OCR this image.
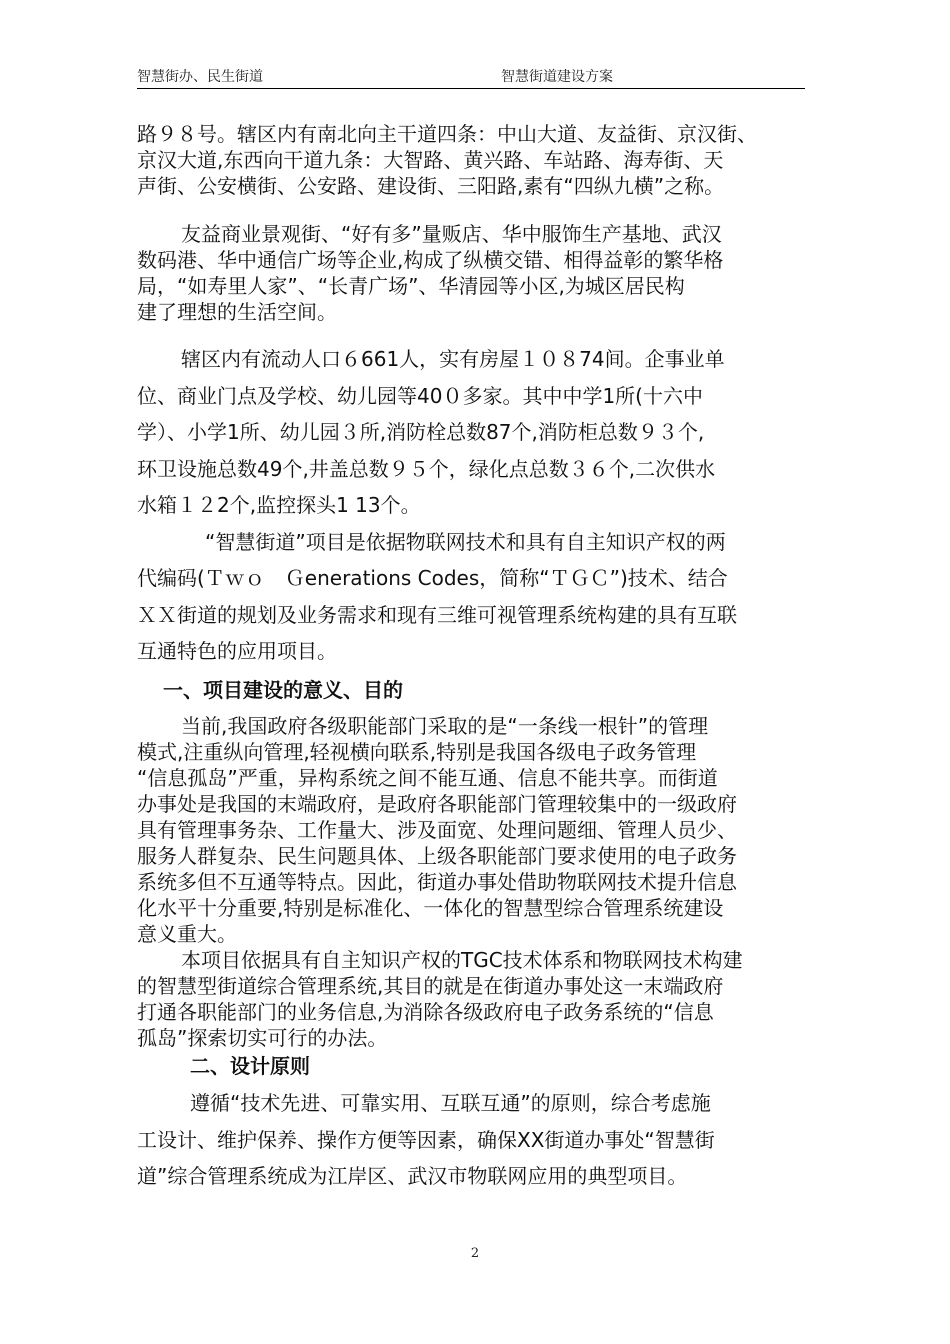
智慧街办、民生街道	智慧街道建设方案
路９８号。辖区内有南北向主干道四条：中山大道、友益街、京汉街、
京汉大道,东西向干道九条：大智路、黄兴路、车站路、海寿街、天
声街、公安横街、公安路、建设街、三阳路,素有“四纵九横”之称。
友益商业景观街、“好有多”量贩店、华中服饰生产基地、武汉
数码港、华中通信广场等企业,构成了纵横交错、相得益彰的繁华格
局，“如寿里人家”、“长青广场”、华清园等小区,为城区居民构
建了理想的生活空间。
辖区内有流动人口６661人，实有房屋１０８74间。企事业单
位、商业门点及学校、幼儿园等40０多家。其中中学1所(十六中
学）、小学1所、幼儿园３所,消防栓总数87个,消防柜总数９３个,
环卫设施总数49个,井盖总数９５个，绿化点总数３６个,二次供水
水箱１２2个,监控探头1 13个。
“智慧街道”项目是依据物联网技术和具有自主知识产权的两
代编码(Ｔｗｏ　Ｇenerations Codes，简称“ＴＧＣ”)技术、结合
ＸＸ街道的规划及业务需求和现有三维可视管理系统构建的具有互联
互通特色的应用项目。
一、项目建设的意义、目的
当前,我国政府各级职能部门采取的是“一条线一根针”的管理
模式,注重纵向管理,轻视横向联系,特别是我国各级电子政务管理
“信息孤岛”严重，异构系统之间不能互通、信息不能共享。而街道
办事处是我国的末端政府，是政府各职能部门管理较集中的一级政府
具有管理事务杂、工作量大、涉及面宽、处理问题细、管理人员少、
服务人群复杂、民生问题具体、上级各职能部门要求使用的电子政务
系统多但不互通等特点。因此，街道办事处借助物联网技术提升信息
化水平十分重要,特别是标准化、一体化的智慧型综合管理系统建设
意义重大。
本项目依据具有自主知识产权的TGC技术体系和物联网技术构建
的智慧型街道综合管理系统,其目的就是在街道办事处这一末端政府
打通各职能部门的业务信息,为消除各级政府电子政务系统的“信息
孤岛”探索切实可行的办法。
二、设计原则
遵循“技术先进、可靠实用、互联互通”的原则，综合考虑施
工设计、维护保养、操作方便等因素，确保XX街道办事处“智慧街
道”综合管理系统成为江岸区、武汉市物联网应用的典型项目。
2
